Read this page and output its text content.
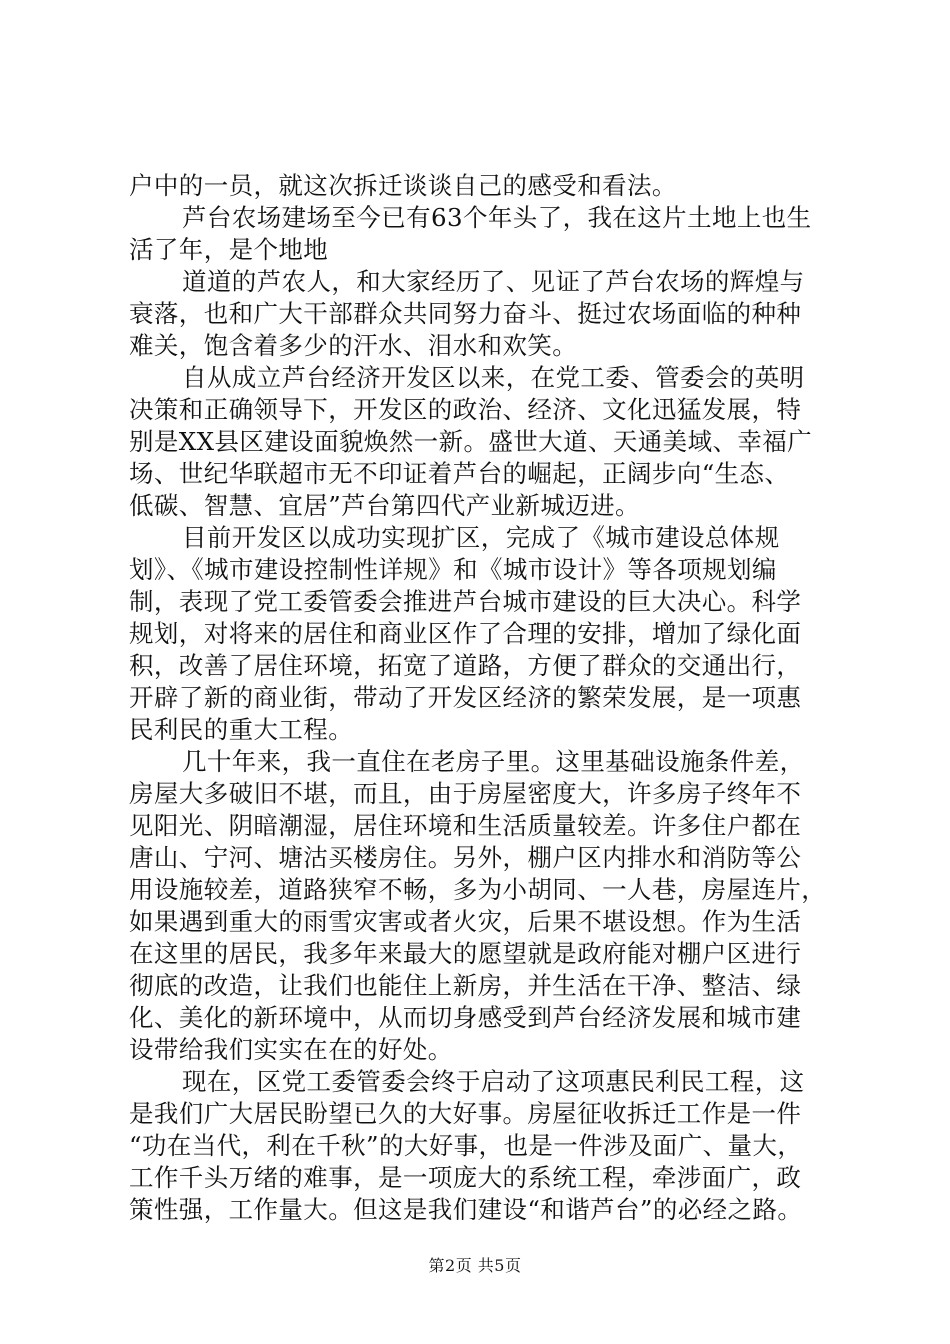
户中的一员，就这次拆迁谈谈自己的感受和看法。
芦台农场建场至今已有63个年头了，我在这片土地上也生
活了年，是个地地
道道的芦农人，和大家经历了、见证了芦台农场的辉煌与
衰落，也和广大干部群众共同努力奋斗、挺过农场面临的种种
难关，饱含着多少的汗水、泪水和欢笑。
自从成立芦台经济开发区以来，在党工委、管委会的英明
决策和正确领导下，开发区的政治、经济、文化迅猛发展，特
别是XX县区建设面貌焕然一新。盛世大道、天通美域、幸福广
场、世纪华联超市无不印证着芦台的崛起，正阔步向“生态、
低碳、智慧、宜居”芦台第四代产业新城迈进。
目前开发区以成功实现扩区，完成了《城市建设总体规
划》、《城市建设控制性详规》和《城市设计》等各项规划编
制，表现了党工委管委会推进芦台城市建设的巨大决心。科学
规划，对将来的居住和商业区作了合理的安排，增加了绿化面
积，改善了居住环境，拓宽了道路，方便了群众的交通出行，
开辟了新的商业街，带动了开发区经济的繁荣发展，是一项惠
民利民的重大工程。
几十年来，我一直住在老房子里。这里基础设施条件差，
房屋大多破旧不堪，而且，由于房屋密度大，许多房子终年不
见阳光、阴暗潮湿，居住环境和生活质量较差。许多住户都在
唐山、宁河、塘沽买楼房住。另外，棚户区内排水和消防等公
用设施较差，道路狭窄不畅，多为小胡同、一人巷，房屋连片，
如果遇到重大的雨雪灾害或者火灾，后果不堪设想。作为生活
在这里的居民，我多年来最大的愿望就是政府能对棚户区进行
彻底的改造，让我们也能住上新房，并生活在干净、整洁、绿
化、美化的新环境中，从而切身感受到芦台经济发展和城市建
设带给我们实实在在的好处。
现在，区党工委管委会终于启动了这项惠民利民工程，这
是我们广大居民盼望已久的大好事。房屋征收拆迁工作是一件
“功在当代，利在千秋”的大好事，也是一件涉及面广、量大，
工作千头万绪的难事，是一项庞大的系统工程，牵涉面广，政
策性强，工作量大。但这是我们建设“和谐芦台”的必经之路。
第2页 共5页
